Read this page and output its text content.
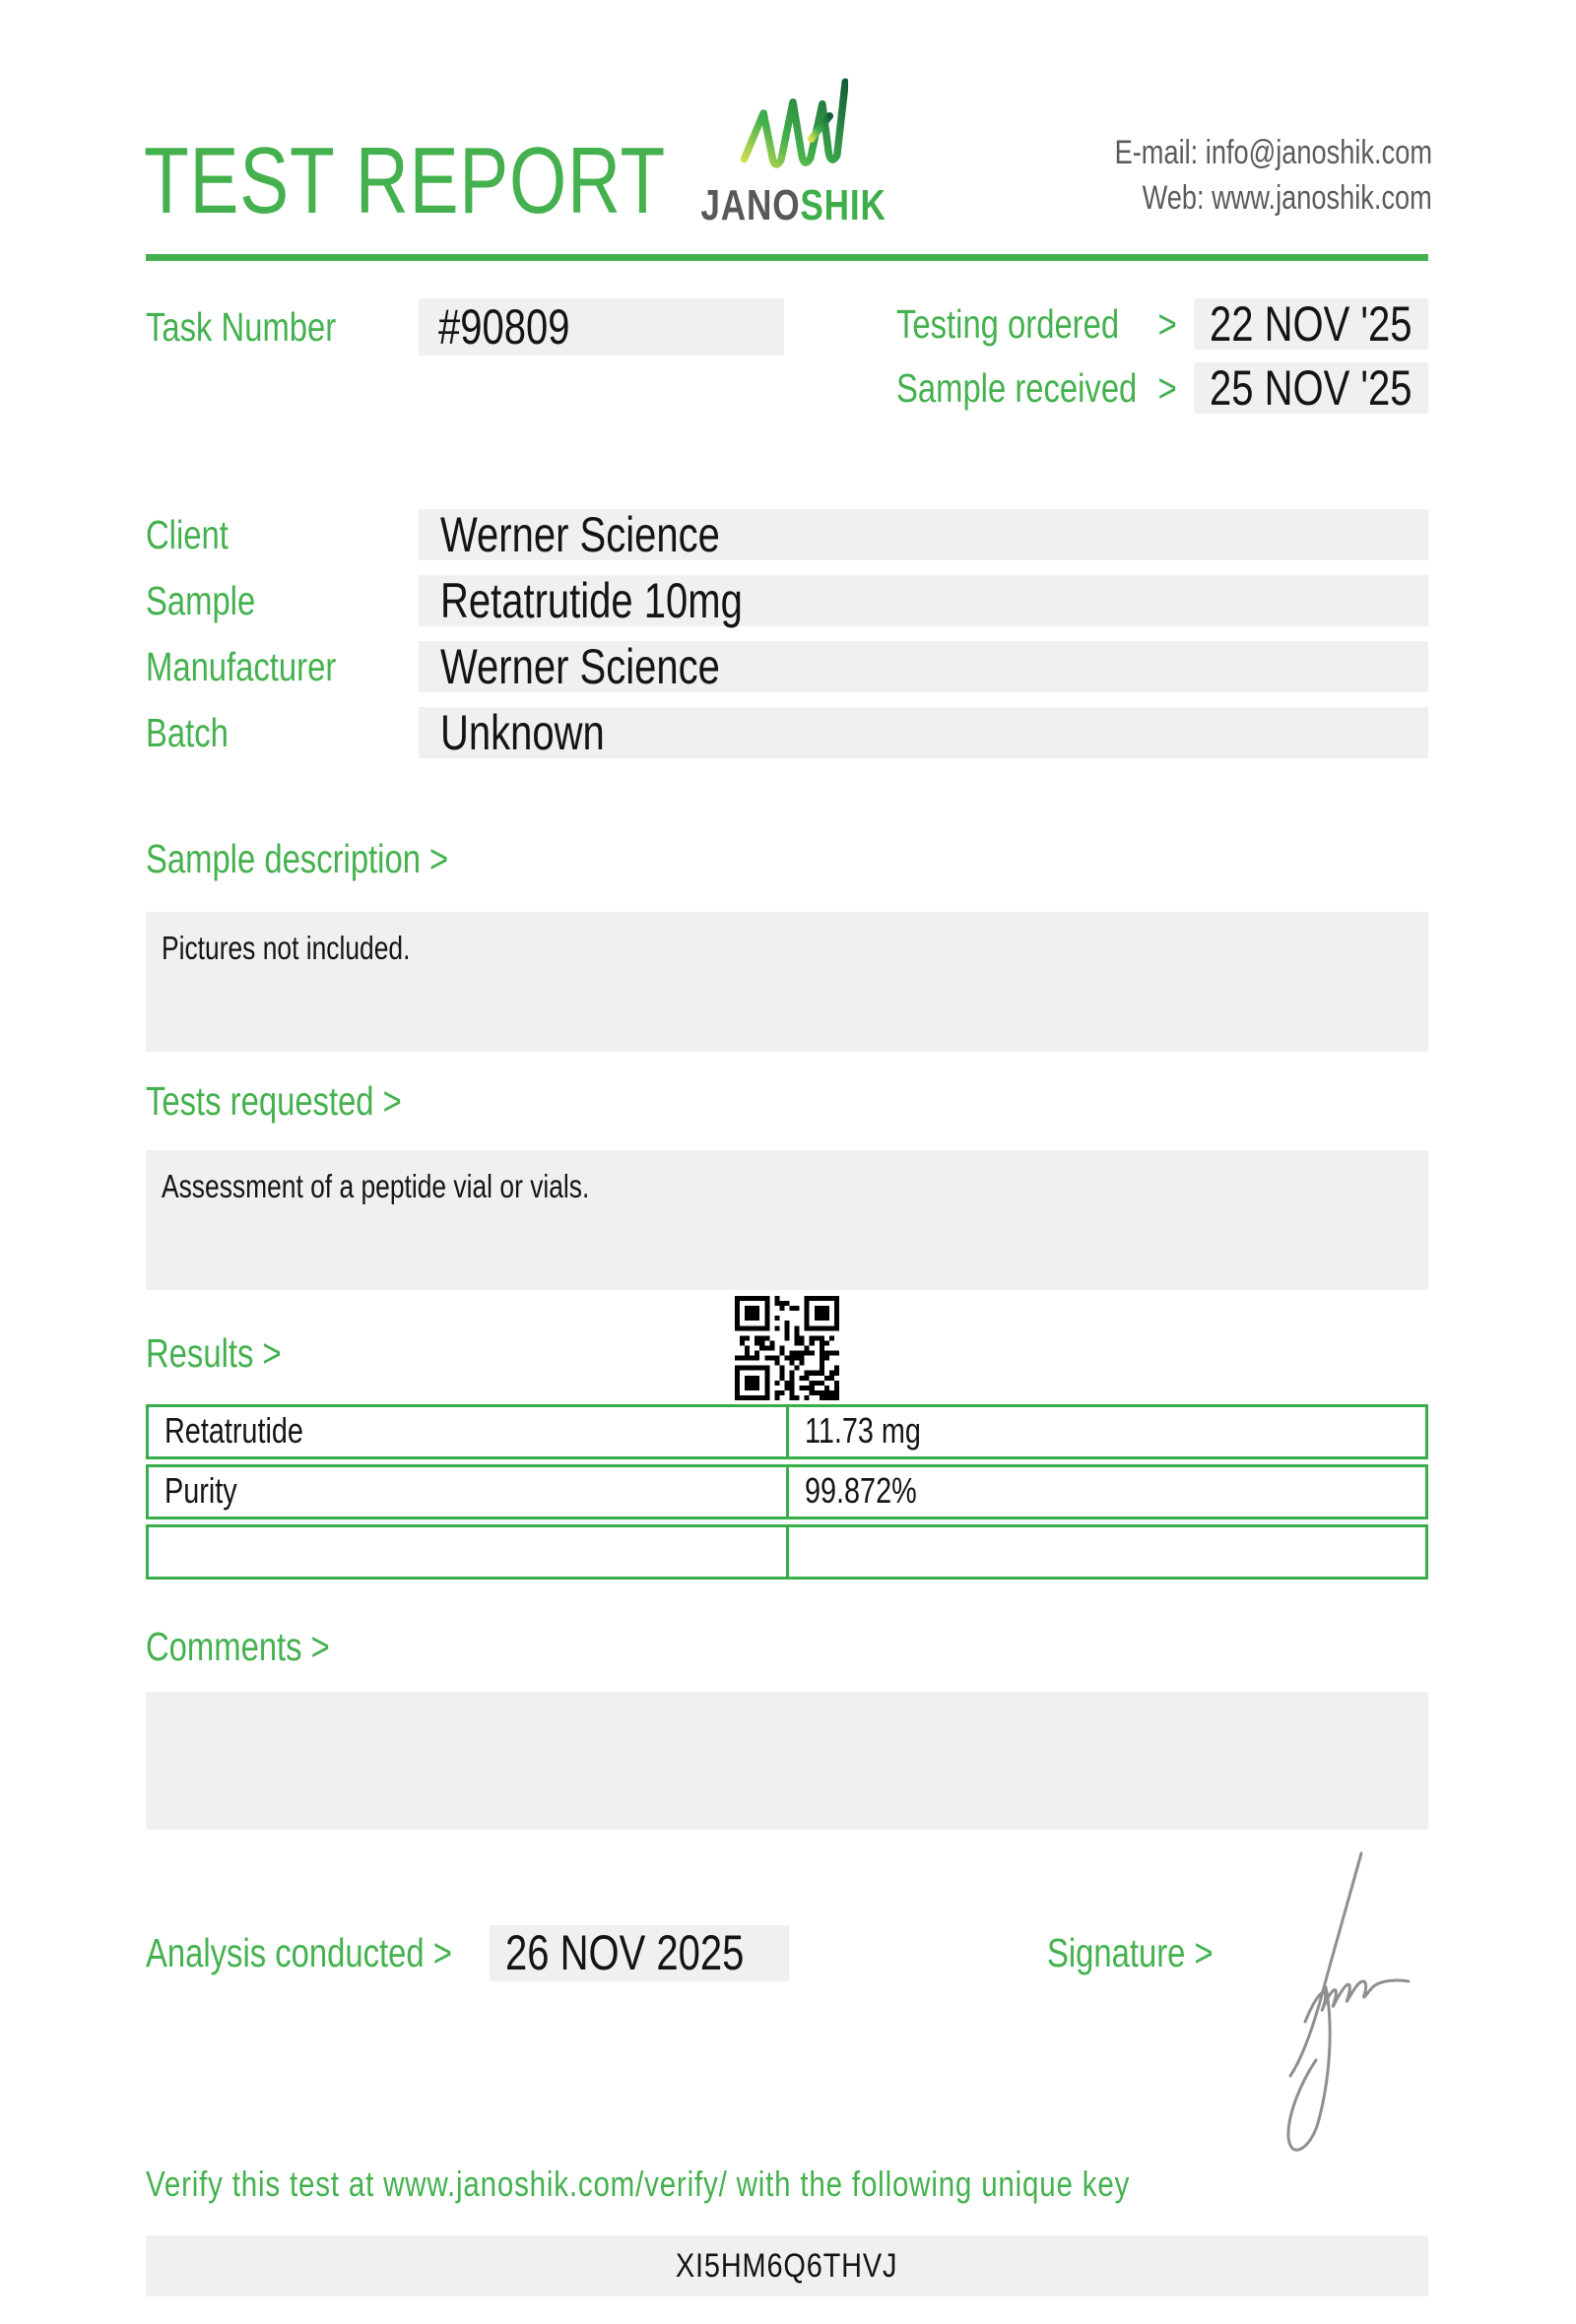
TEST REPORT JANOSHIK
E-mail: info@janoshik.com
Web: www.janoshik.com
Task Number	#90809	Testing ordered > 22 NOV '25
Sample received > 25 NOV '25
Client	Werner Science
Sample	Retatrutide 10mg
Manufacturer	Werner Science
Batch	Unknown
Sample description >
Pictures not included.
Tests requested >
Assessment of a peptide vial or vials.
Results >
Retatrutide	11.73 mg
Purity	99.872%
Comments >
Analysis conducted >	26 NOV 2025	Signature >
Verify this test at www.janoshik.com/verify/ with the following unique key
XI5HM6Q6THVJ
